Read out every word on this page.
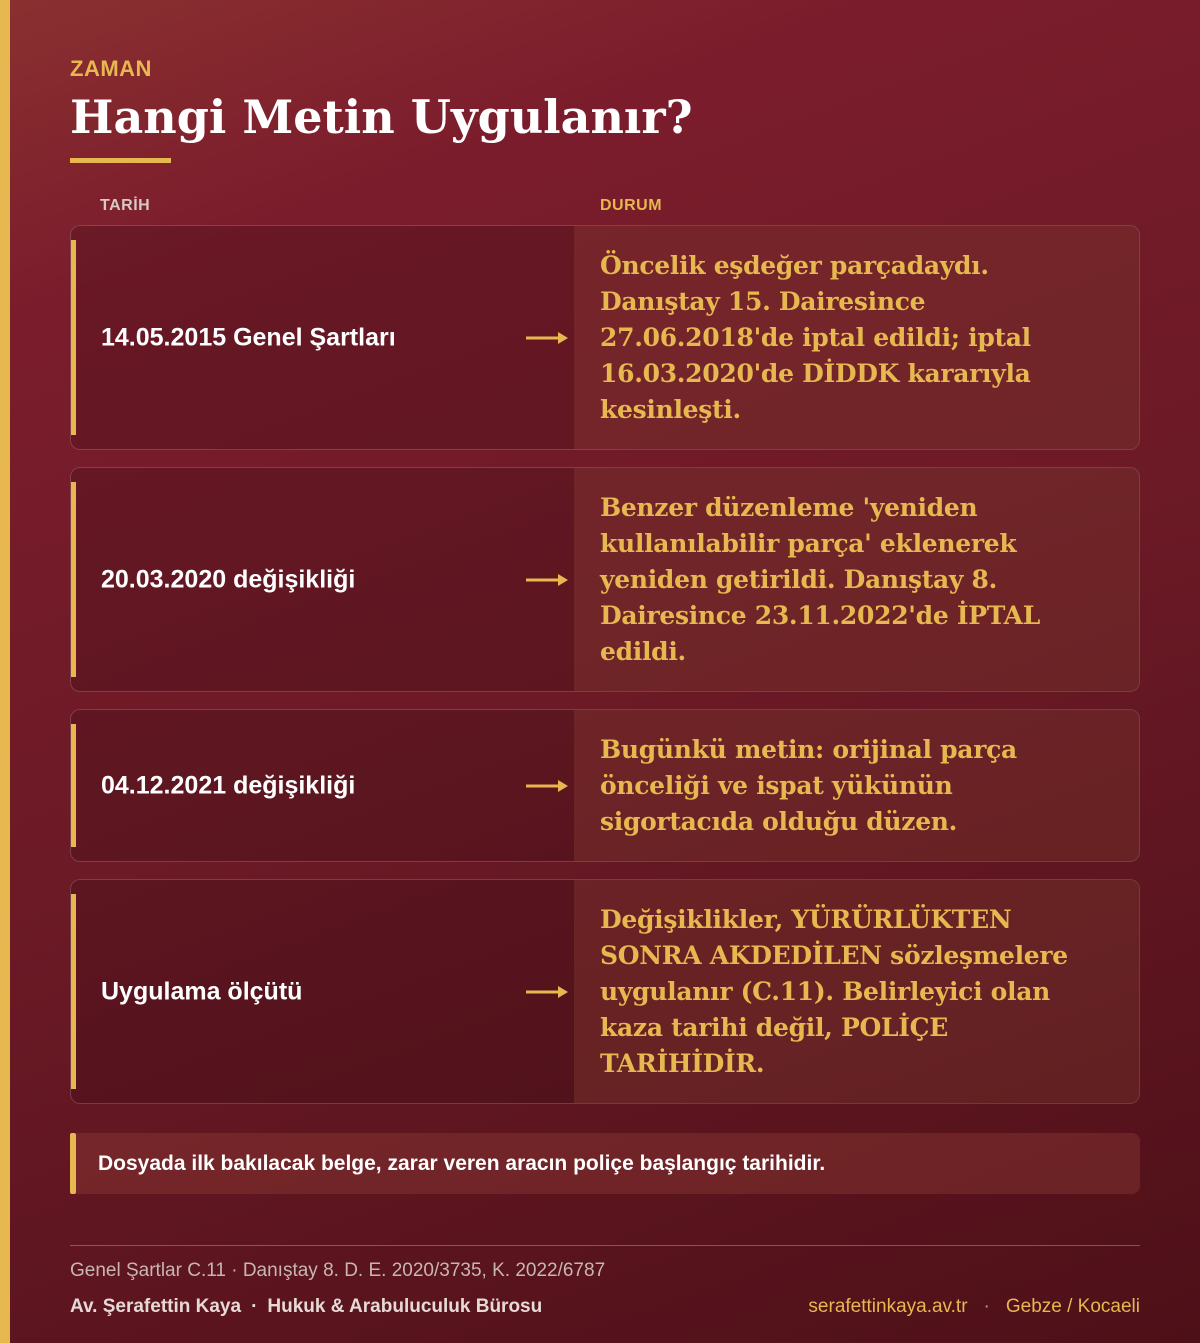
ZAMAN
Hangi Metin Uygulanır?
TARİH	DURUM
14.05.2015 Genel Şartları
Öncelik eşdeğer parçadaydı. Danıştay 15. Dairesince 27.06.2018'de iptal edildi; iptal 16.03.2020'de DİDDK kararıyla kesinleşti.
20.03.2020 değişikliği
Benzer düzenleme 'yeniden kullanılabilir parça' eklenerek yeniden getirildi. Danıştay 8. Dairesince 23.11.2022'de İPTAL edildi.
04.12.2021 değişikliği
Bugünkü metin: orijinal parça önceliği ve ispat yükünün sigortacıda olduğu düzen.
Uygulama ölçütü
Değişiklikler, YÜRÜRLÜKTEN SONRA AKDEDİLEN sözleşmelere uygulanır (C.11). Belirleyici olan kaza tarihi değil, POLİÇE TARİHİDİR.
Dosyada ilk bakılacak belge, zarar veren aracın poliçe başlangıç tarihidir.
Genel Şartlar C.11 · Danıştay 8. D. E. 2020/3735, K. 2022/6787
Av. Şerafettin Kaya · Hukuk & Arabuluculuk Bürosu	serafettinkaya.av.tr · Gebze / Kocaeli
